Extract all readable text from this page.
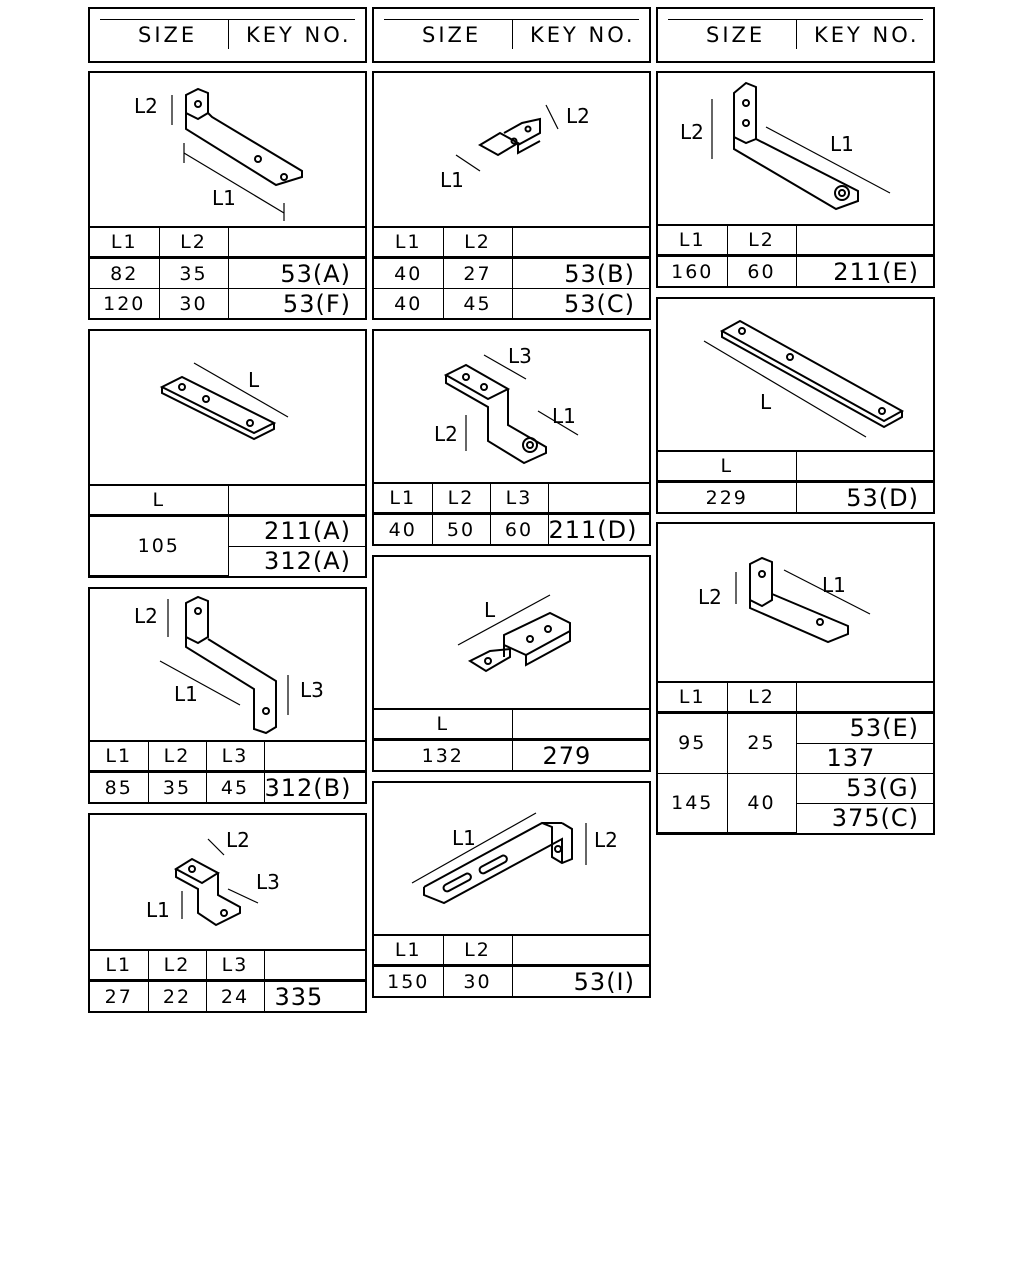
SIZE KEY NO.	SIZE KEY NO.	SIZE KEY NO.
L2
L1
L1	L2	
82	35	53(A)
120	30	53(F)
L1
L2
L1	L2	
40	27	53(B)
40	45	53(C)
L2	L1
L1	L2	
160	60	211(E)
L
L	
105	211(A)
	312(A)
L3
L2
L1
L1	L2	L3	
40	50	60	211(D)
L
L	
229	53(D)
L2
L1	L3
L1	L2	L3	
85	35	45	312(B)
L
L	
132	279
L2	L1
L1	L2	
95	25	53(E)
		137
145	40	53(G)
		375(C)
L2
L3
L1
L1	L2	L3	
27	22	24	335
L1	L2
L1	L2	
150	30	53(I)
